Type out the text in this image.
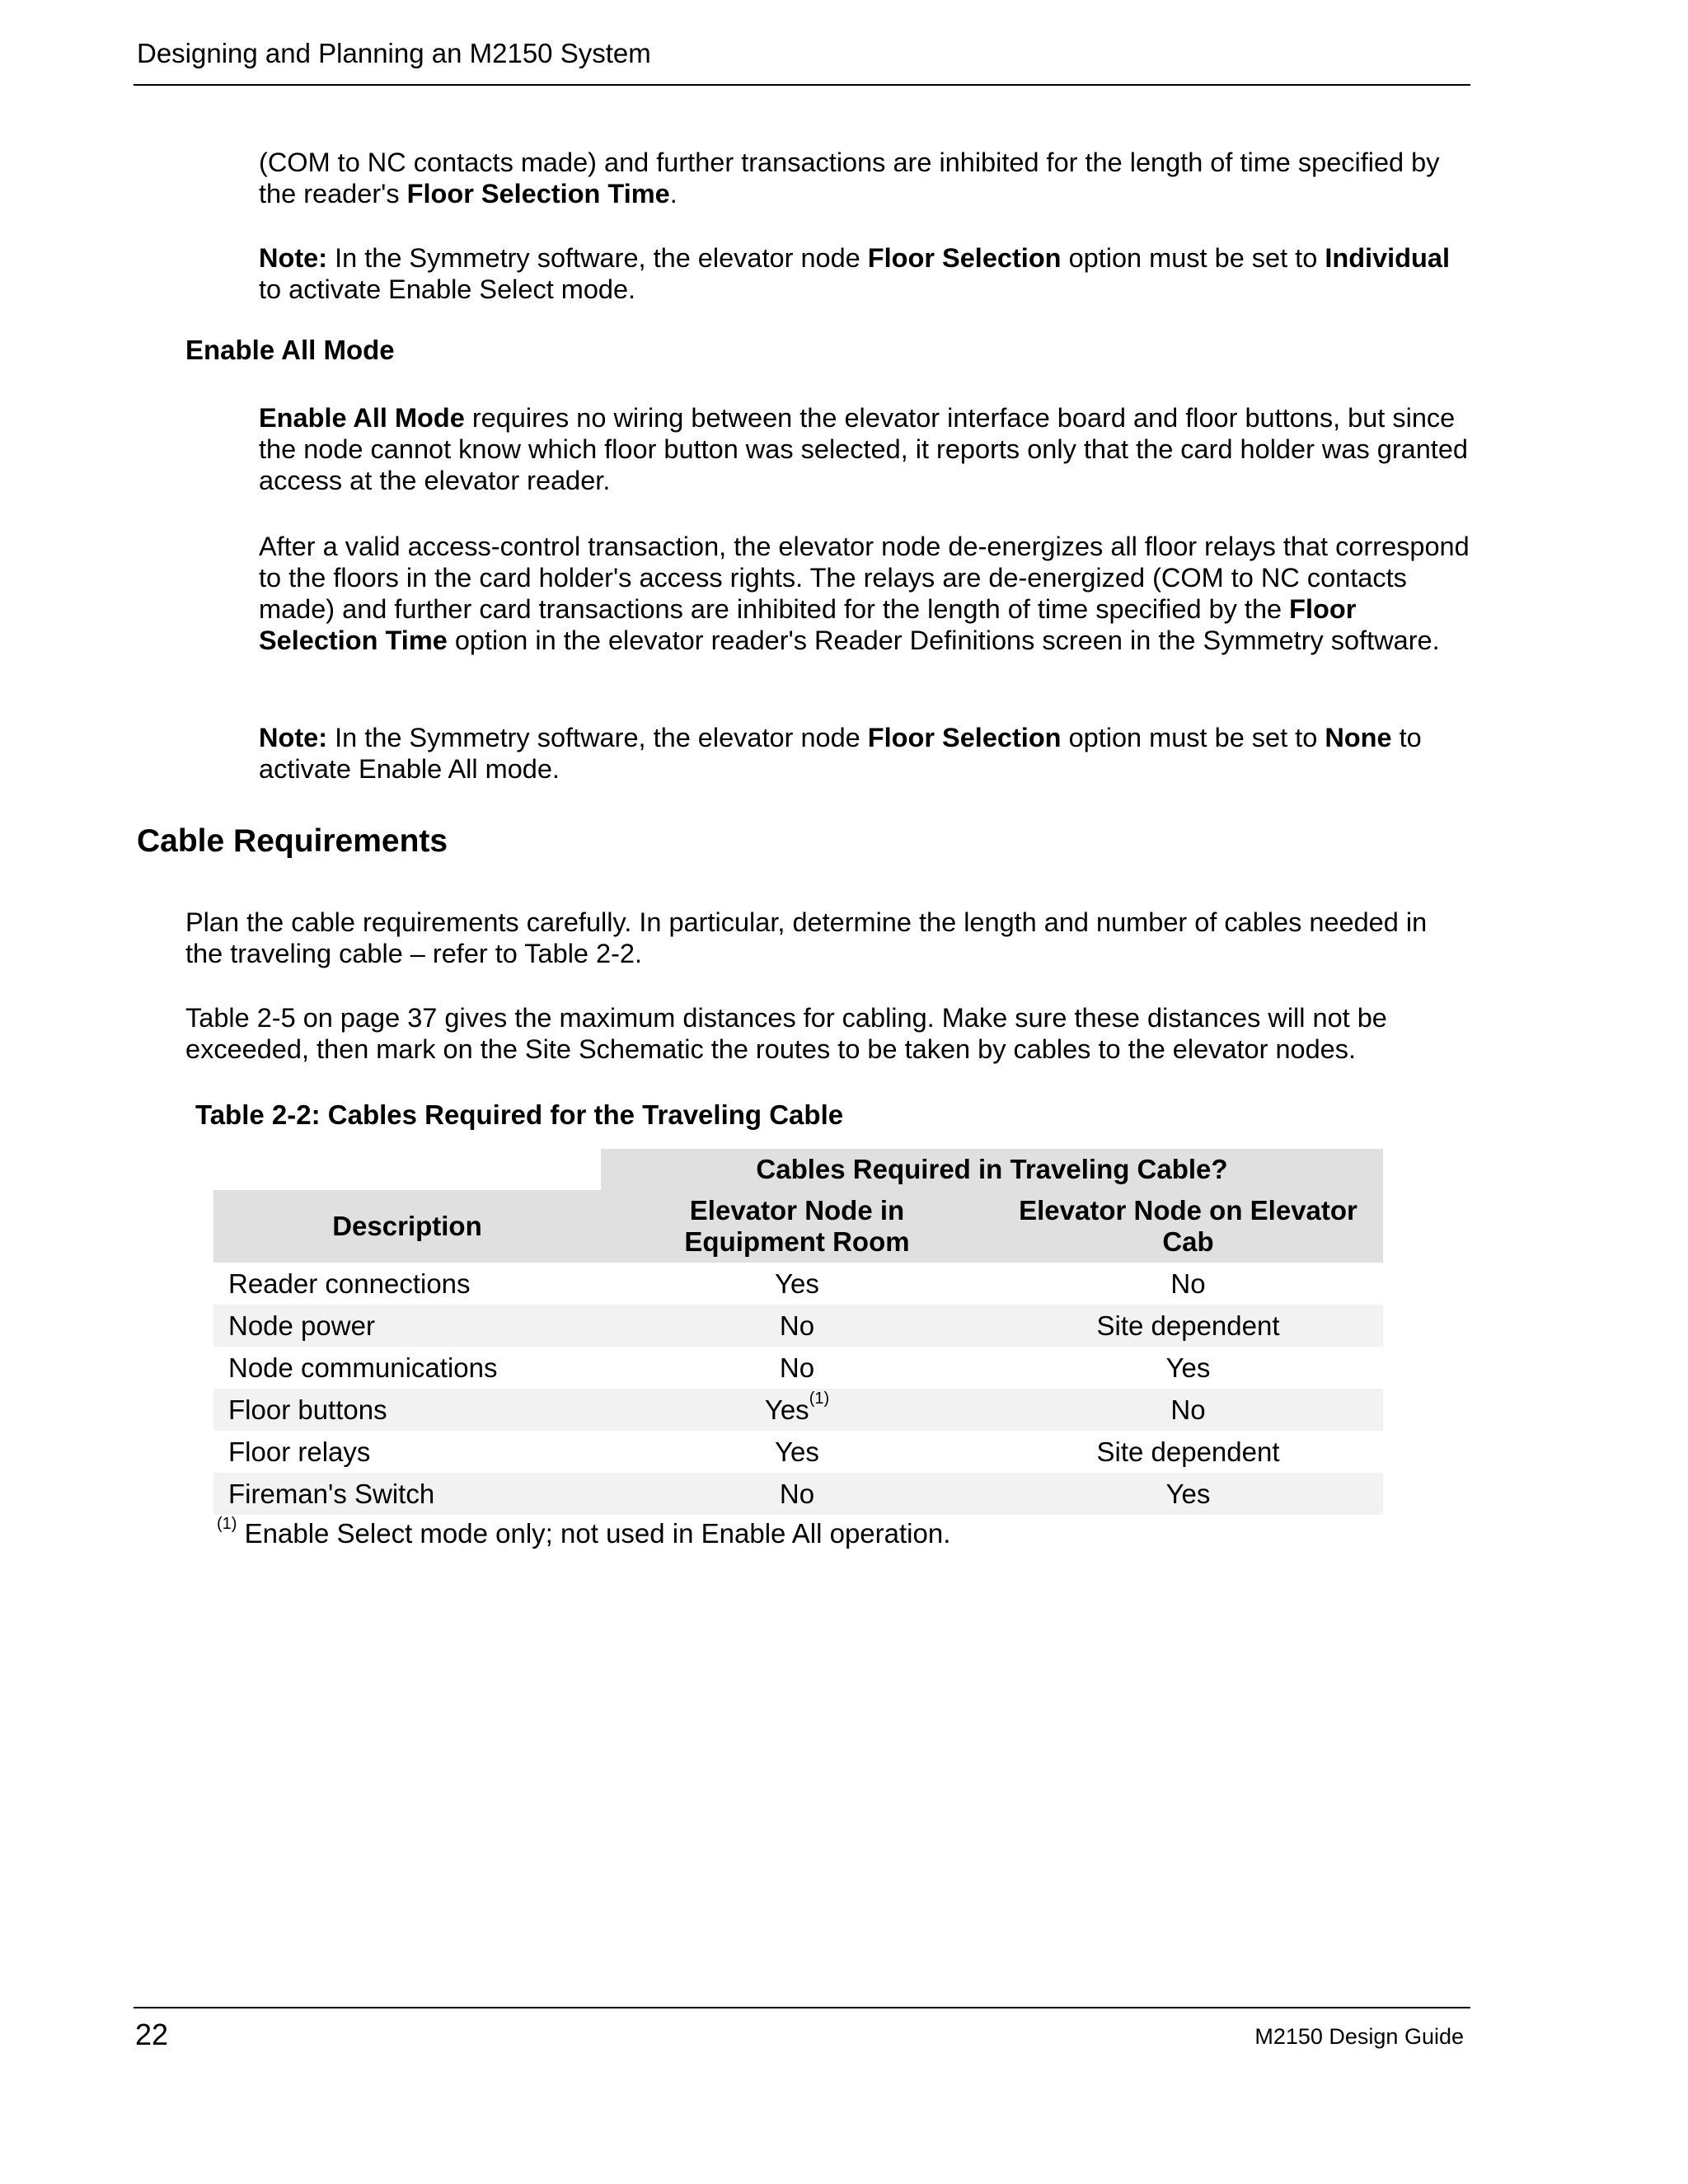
Designing and Planning an M2150 System

(COM to NC contacts made) and further transactions are inhibited for the length of time specified by the reader's Floor Selection Time.

Note: In the Symmetry software, the elevator node Floor Selection option must be set to Individual to activate Enable Select mode.

Enable All Mode

Enable All Mode requires no wiring between the elevator interface board and floor buttons, but since the node cannot know which floor button was selected, it reports only that the card holder was granted access at the elevator reader.

After a valid access-control transaction, the elevator node de-energizes all floor relays that correspond to the floors in the card holder's access rights. The relays are de-energized (COM to NC contacts made) and further card transactions are inhibited for the length of time specified by the Floor Selection Time option in the elevator reader's Reader Definitions screen in the Symmetry software.

Note: In the Symmetry software, the elevator node Floor Selection option must be set to None to activate Enable All mode.

Cable Requirements

Plan the cable requirements carefully. In particular, determine the length and number of cables needed in the traveling cable – refer to Table 2-2.

Table 2-5 on page 37 gives the maximum distances for cabling. Make sure these distances will not be exceeded, then mark on the Site Schematic the routes to be taken by cables to the elevator nodes.

Table 2-2: Cables Required for the Traveling Cable
	Cables Required in Traveling Cable?	
Description	Elevator Node in Equipment Room	Elevator Node on Elevator Cab
Reader connections	Yes	No
Node power	No	Site dependent
Node communications	No	Yes
Floor buttons	Yes$^{(1)}$	No
Floor relays	Yes	Site dependent
Fireman's Switch	No	Yes

$^{(1)}$ Enable Select mode only; not used in Enable All operation.

22	M2150 Design Guide
